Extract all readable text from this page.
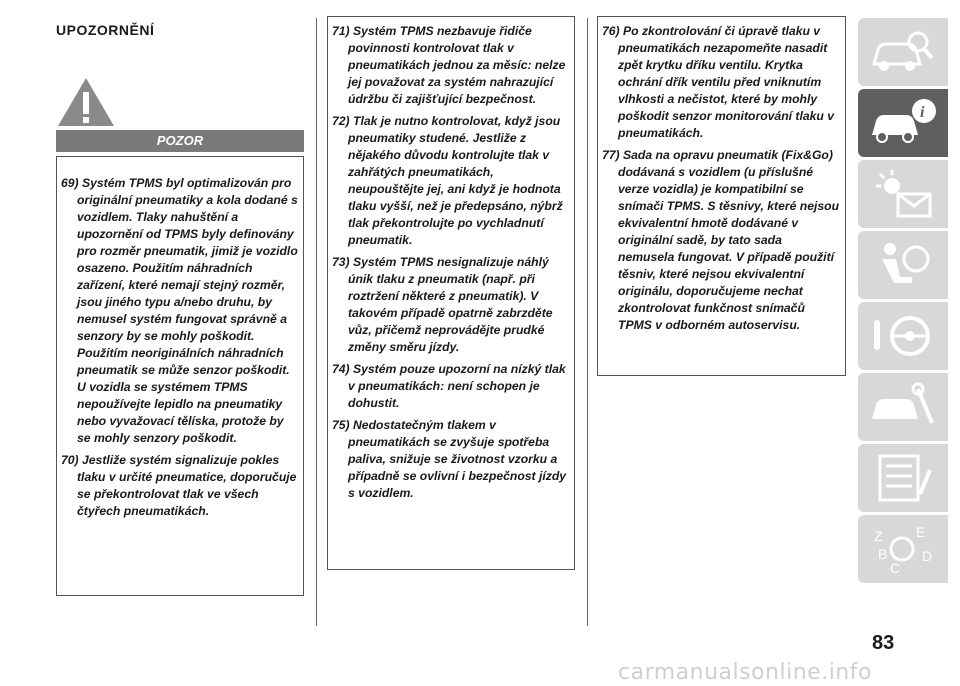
UPOZORNĚNÍ
POZOR

69) Systém TPMS byl optimalizován pro originální pneumatiky a kola dodané s vozidlem. Tlaky nahuštění a upozornění od TPMS byly definovány pro rozměr pneumatik, jimiž je vozidlo osazeno. Použitím náhradních zařízení, které nemají stejný rozměr, jsou jiného typu a/nebo druhu, by nemusel systém fungovat správně a senzory by se mohly poškodit. Použitím neoriginálních náhradních pneumatik se může senzor poškodit. U vozidla se systémem TPMS nepoužívejte lepidlo na pneumatiky nebo vyvažovací tělíska, protože by se mohly senzory poškodit.

70) Jestliže systém signalizuje pokles tlaku v určité pneumatice, doporučuje se překontrolovat tlak ve všech čtyřech pneumatikách.

71) Systém TPMS nezbavuje řidiče povinnosti kontrolovat tlak v pneumatikách jednou za měsíc: nelze jej považovat za systém nahrazující údržbu či zajišťující bezpečnost.

72) Tlak je nutno kontrolovat, když jsou pneumatiky studené. Jestliže z nějakého důvodu kontrolujte tlak v zahřátých pneumatikách, neupouštějte jej, ani když je hodnota tlaku vyšší, než je předepsáno, nýbrž tlak překontrolujte po vychladnutí pneumatik.

73) Systém TPMS nesignalizuje náhlý únik tlaku z pneumatik (např. při roztržení některé z pneumatik). V takovém případě opatrně zabrzděte vůz, přičemž neprovádějte prudké změny směru jízdy.

74) Systém pouze upozorní na nízký tlak v pneumatikách: není schopen je dohustit.

75) Nedostatečným tlakem v pneumatikách se zvyšuje spotřeba paliva, snižuje se životnost vzorku a případně se ovlivní i bezpečnost jízdy s vozidlem.

76) Po zkontrolování či úpravě tlaku v pneumatikách nezapomeňte nasadit zpět krytku dříku ventilu. Krytka ochrání dřík ventilu před vniknutím vlhkosti a nečistot, které by mohly poškodit senzor monitorování tlaku v pneumatikách.

77) Sada na opravu pneumatik (Fix&Go) dodávaná s vozidlem (u příslušné verze vozidla) je kompatibilní se snímači TPMS. S těsnivy, které nejsou ekvivalentní hmotě dodávané v originální sadě, by tato sada nemusela fungovat. V případě použití těsniv, které nejsou ekvivalentní originálu, doporučujeme nechat zkontrolovat funkčnost snímačů TPMS v odborném autoservisu.

i
Z E
B D
C
83
carmanualsonline.info
